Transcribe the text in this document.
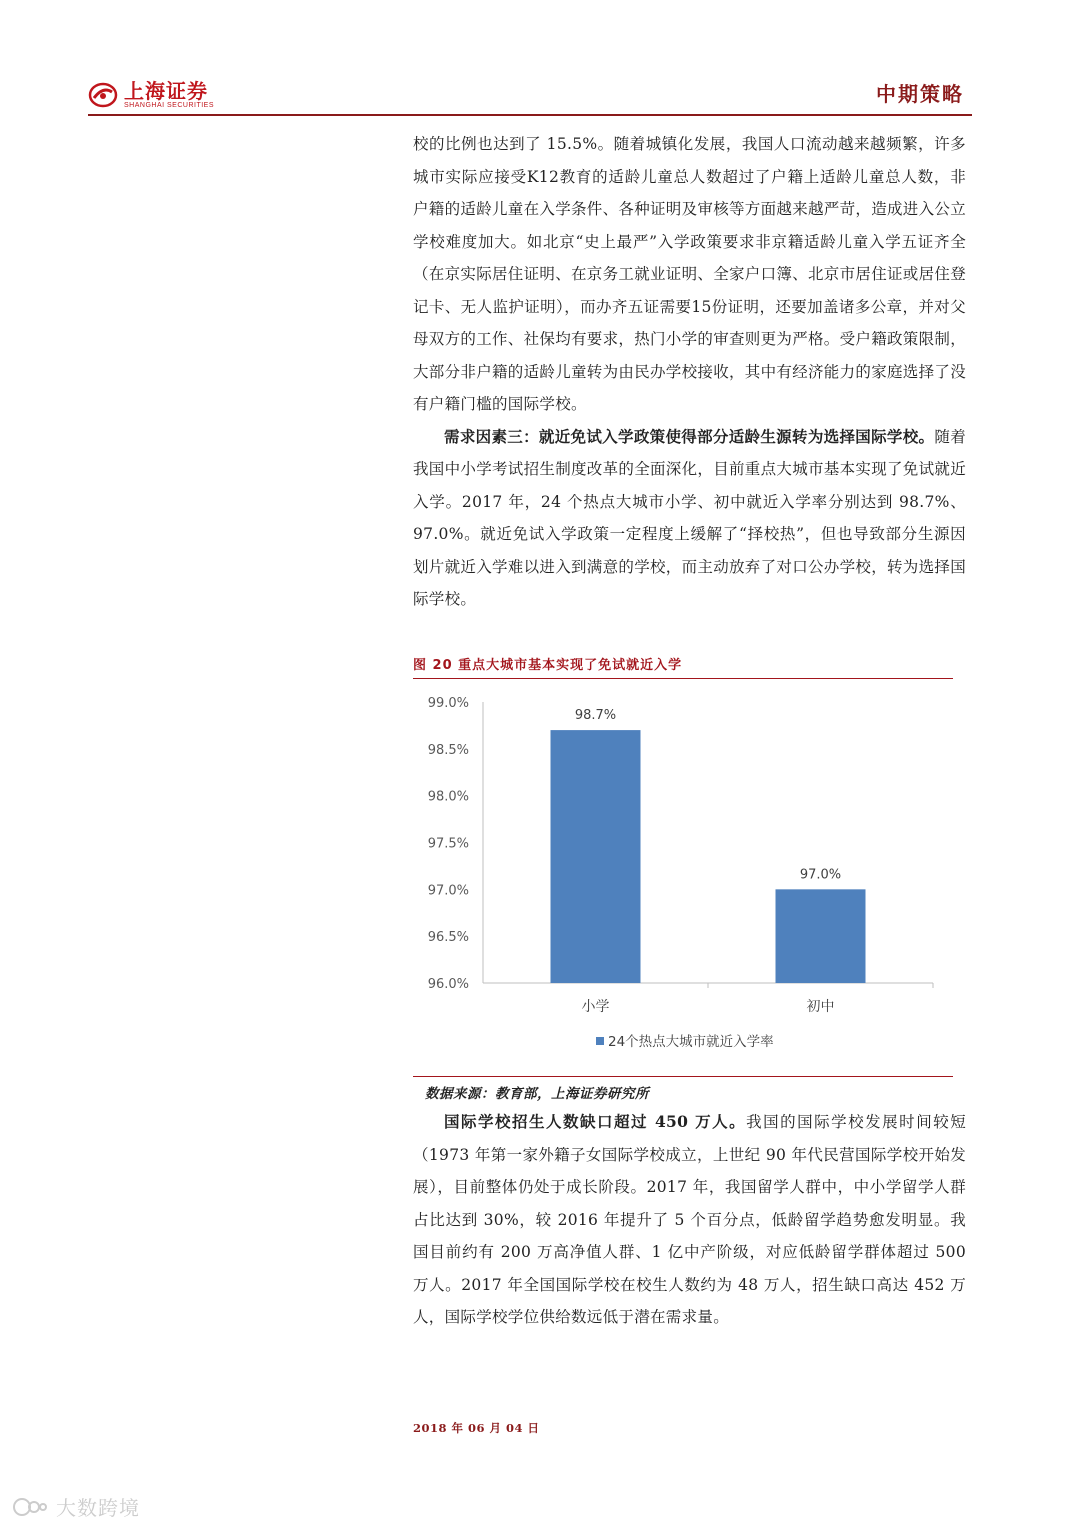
上海证券
SHANGHAI SECURITIES	中期策略

校的比例也达到了 15.5%。随着城镇化发展，我国人口流动越来越频繁，许多城市实际应接受K12教育的适龄儿童总人数超过了户籍上适龄儿童总人数，非户籍的适龄儿童在入学条件、各种证明及审核等方面越来越严苛，造成进入公立学校难度加大。如北京“史上最严”入学政策要求非京籍适龄儿童入学五证齐全（在京实际居住证明、在京务工就业证明、全家户口簿、北京市居住证或居住登记卡、无人监护证明），而办齐五证需要15份证明，还要加盖诸多公章，并对父母双方的工作、社保均有要求，热门小学的审查则更为严格。受户籍政策限制，大部分非户籍的适龄儿童转为由民办学校接收，其中有经济能力的家庭选择了没有户籍门槛的国际学校。

需求因素三：就近免试入学政策使得部分适龄生源转为选择国际学校。随着我国中小学考试招生制度改革的全面深化，目前重点大城市基本实现了免试就近入学。2017 年，24 个热点大城市小学、初中就近入学率分别达到 98.7%、97.0%。就近免试入学政策一定程度上缓解了“择校热”，但也导致部分生源因划片就近入学难以进入到满意的学校，而主动放弃了对口公办学校，转为选择国际学校。

图 20 重点大城市基本实现了免试就近入学
99.0%
98.5%
98.0%
97.5%
97.0%
96.5%
96.0%
98.7%
小学
97.0%
初中
24个热点大城市就近入学率
数据来源：教育部，上海证券研究所

国际学校招生人数缺口超过 450 万人。我国的国际学校发展时间较短（1973 年第一家外籍子女国际学校成立，上世纪 90 年代民营国际学校开始发展），目前整体仍处于成长阶段。2017 年，我国留学人群中，中小学留学人群占比达到 30%，较 2016 年提升了 5 个百分点，低龄留学趋势愈发明显。我国目前约有 200 万高净值人群、1 亿中产阶级，对应低龄留学群体超过 500 万人。2017 年全国国际学校在校生人数约为 48 万人，招生缺口高达 452 万人，国际学校学位供给数远低于潜在需求量。

2018 年 06 月 04 日
大数跨境
